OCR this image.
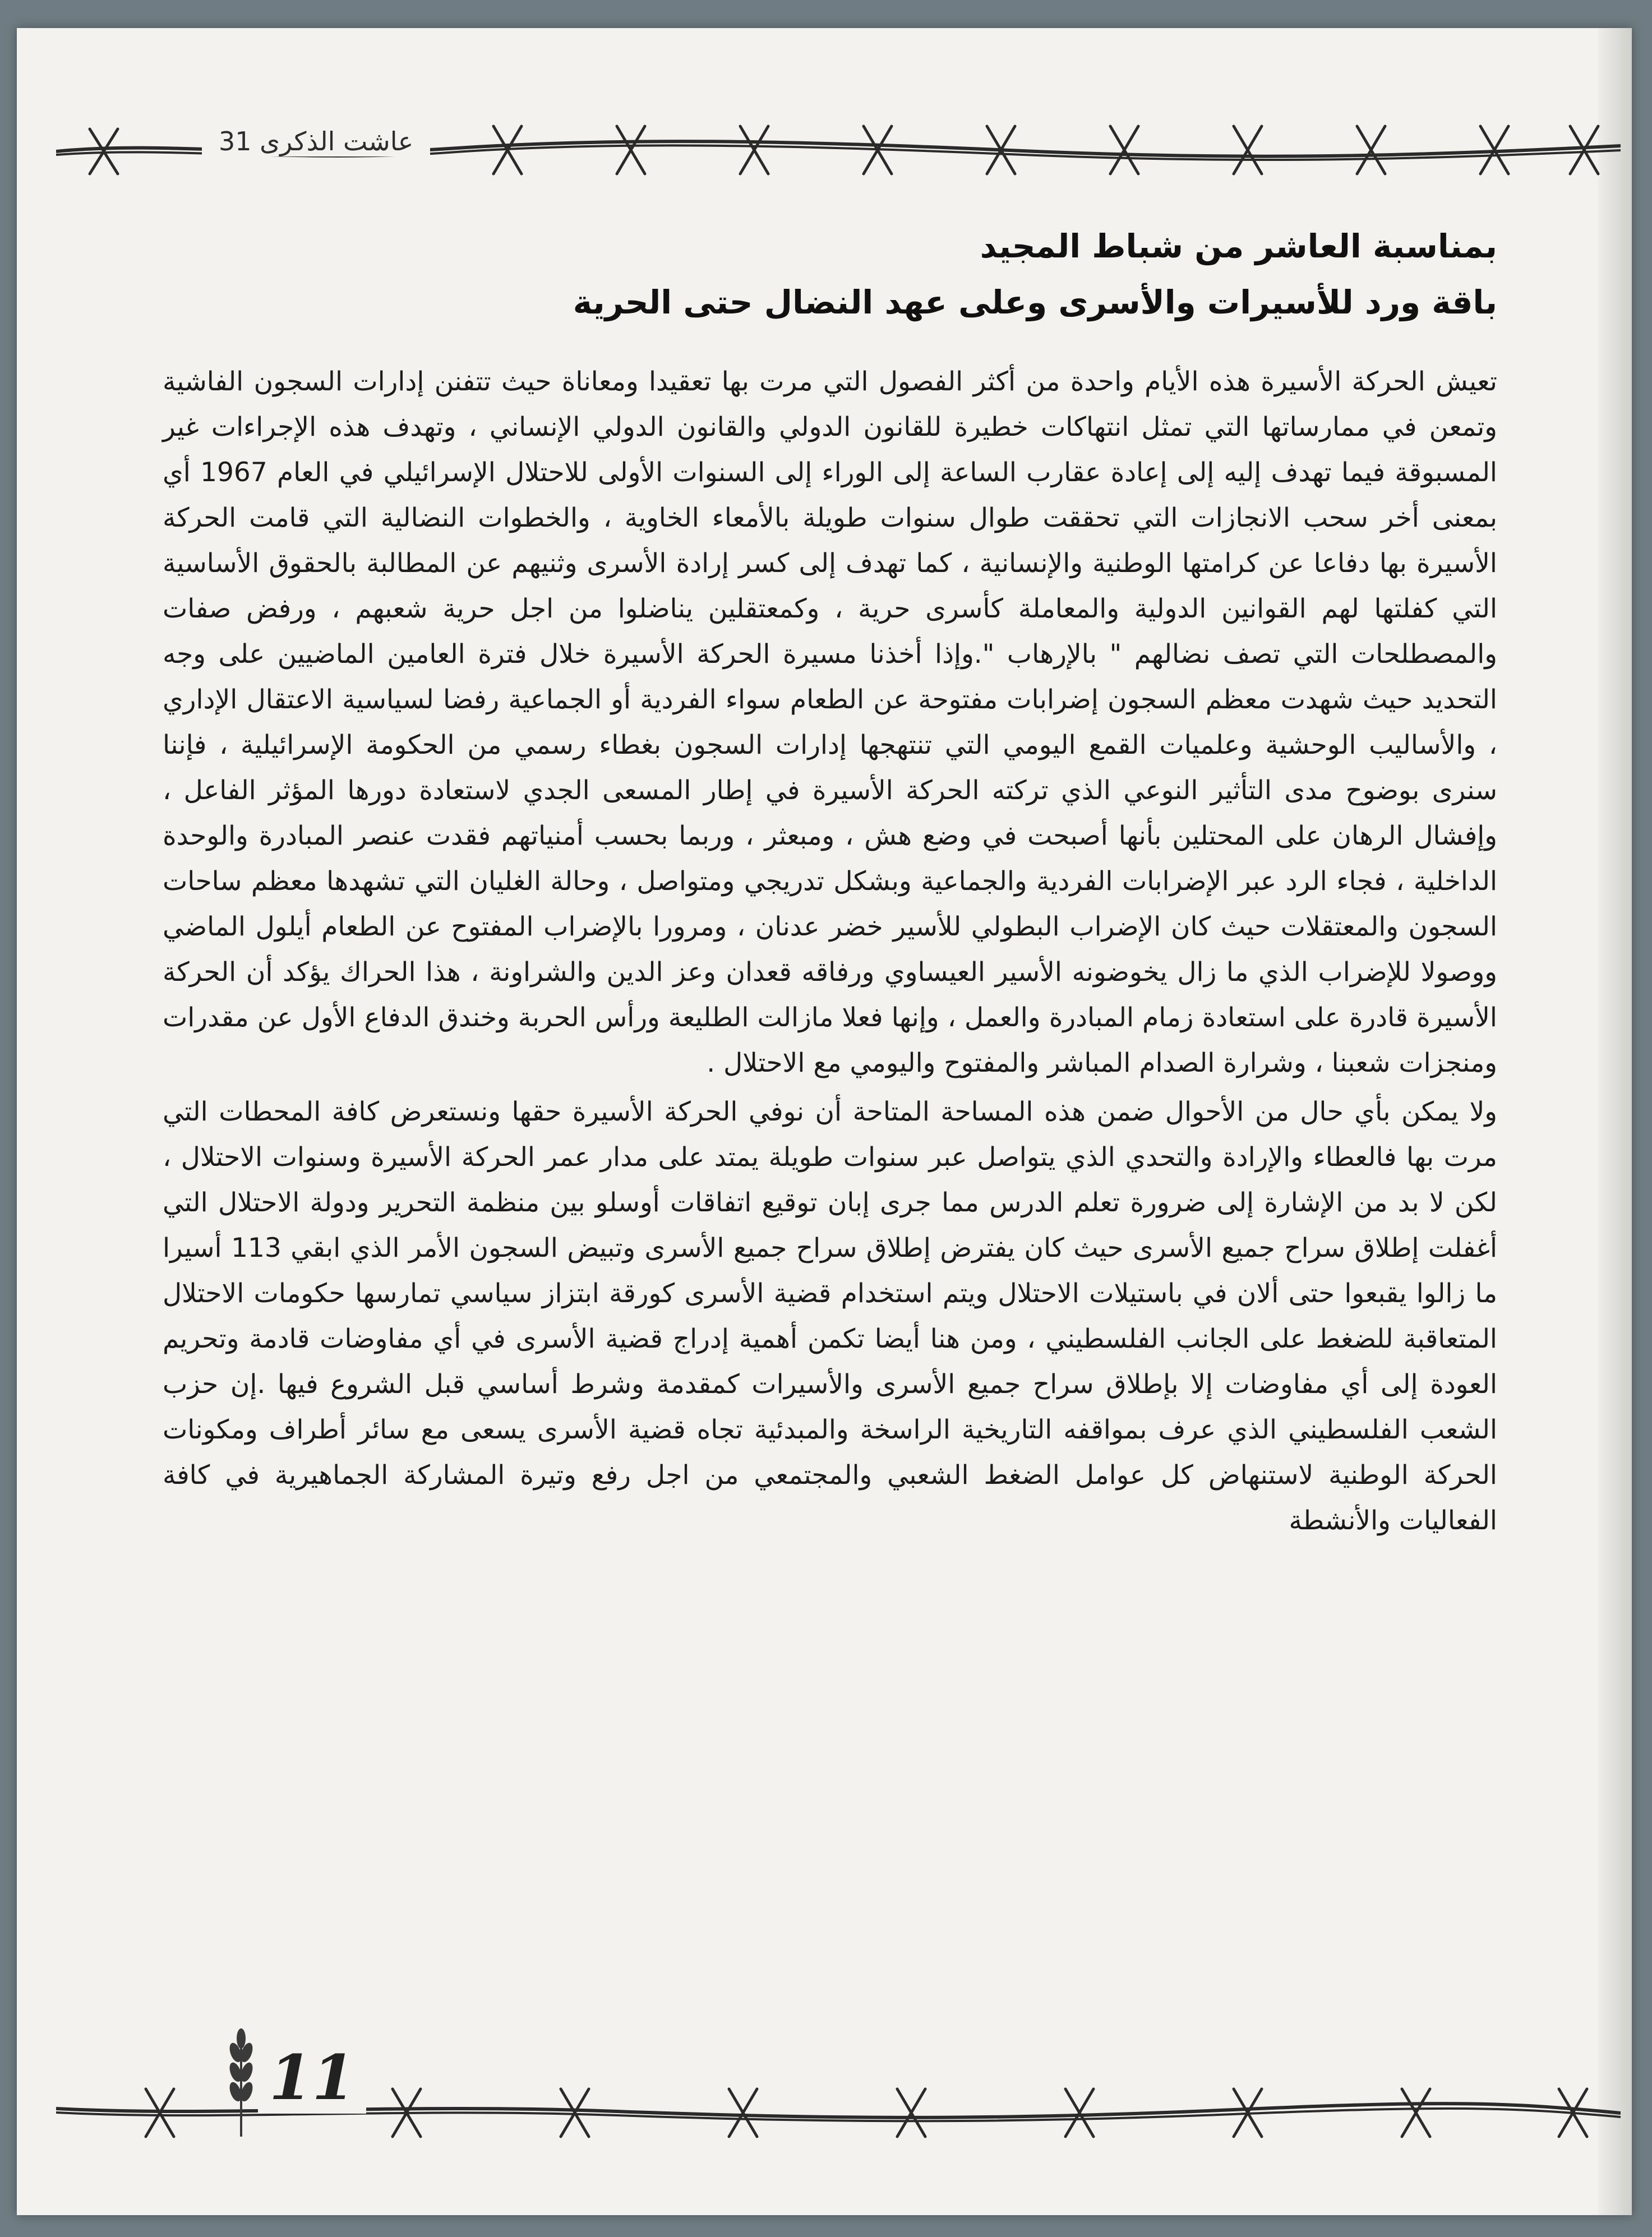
عاشت الذكرى 31
بمناسبة العاشر من شباط المجيد
باقة ورد للأسيرات والأسرى وعلى عهد النضال حتى الحرية

تعيش الحركة الأسيرة هذه الأيام واحدة من أكثر الفصول التي مرت بها تعقيدا ومعاناة حيث تتفنن إدارات السجون الفاشية وتمعن في ممارساتها التي تمثل انتهاكات خطيرة للقانون الدولي والقانون الدولي الإنساني ، وتهدف هذه الإجراءات غير المسبوقة فيما تهدف إليه إلى إعادة عقارب الساعة إلى الوراء إلى السنوات الأولى للاحتلال الإسرائيلي في العام 1967 أي بمعنى أخر سحب الانجازات التي تحققت طوال سنوات طويلة بالأمعاء الخاوية ، والخطوات النضالية التي قامت الحركة الأسيرة بها دفاعا عن كرامتها الوطنية والإنسانية ، كما تهدف إلى كسر إرادة الأسرى وثنيهم عن المطالبة بالحقوق الأساسية التي كفلتها لهم القوانين الدولية والمعاملة كأسرى حرية ، وكمعتقلين يناضلوا من اجل حرية شعبهم ، ورفض صفات والمصطلحات التي تصف نضالهم " بالإرهاب ".وإذا أخذنا مسيرة الحركة الأسيرة خلال فترة العامين الماضيين على وجه التحديد حيث شهدت معظم السجون إضرابات مفتوحة عن الطعام سواء الفردية أو الجماعية رفضا لسياسية الاعتقال الإداري ، والأساليب الوحشية وعلميات القمع اليومي التي تنتهجها إدارات السجون بغطاء رسمي من الحكومة الإسرائيلية ، فإننا سنرى بوضوح مدى التأثير النوعي الذي تركته الحركة الأسيرة في إطار المسعى الجدي لاستعادة دورها المؤثر الفاعل ، وإفشال الرهان على المحتلين بأنها أصبحت في وضع هش ، ومبعثر ، وربما بحسب أمنياتهم فقدت عنصر المبادرة والوحدة الداخلية ، فجاء الرد عبر الإضرابات الفردية والجماعية وبشكل تدريجي ومتواصل ، وحالة الغليان التي تشهدها معظم ساحات السجون والمعتقلات حيث كان الإضراب البطولي للأسير خضر عدنان ، ومرورا بالإضراب المفتوح عن الطعام أيلول الماضي ووصولا للإضراب الذي ما زال يخوضونه الأسير العيساوي ورفاقه قعدان وعز الدين والشراونة ، هذا الحراك يؤكد أن الحركة الأسيرة قادرة على استعادة زمام المبادرة والعمل ، وإنها فعلا مازالت الطليعة ورأس الحربة وخندق الدفاع الأول عن مقدرات ومنجزات شعبنا ، وشرارة الصدام المباشر والمفتوح واليومي مع الاحتلال .

ولا يمكن بأي حال من الأحوال ضمن هذه المساحة المتاحة أن نوفي الحركة الأسيرة حقها ونستعرض كافة المحطات التي مرت بها فالعطاء والإرادة والتحدي الذي يتواصل عبر سنوات طويلة يمتد على مدار عمر الحركة الأسيرة وسنوات الاحتلال ، لكن لا بد من الإشارة إلى ضرورة تعلم الدرس مما جرى إبان توقيع اتفاقات أوسلو بين منظمة التحرير ودولة الاحتلال التي أغفلت إطلاق سراح جميع الأسرى حيث كان يفترض إطلاق سراح جميع الأسرى وتبيض السجون الأمر الذي ابقي 113 أسيرا ما زالوا يقبعوا حتى ألان في باستيلات الاحتلال ويتم استخدام قضية الأسرى كورقة ابتزاز سياسي تمارسها حكومات الاحتلال المتعاقبة للضغط على الجانب الفلسطيني ، ومن هنا أيضا تكمن أهمية إدراج قضية الأسرى في أي مفاوضات قادمة وتحريم العودة إلى أي مفاوضات إلا بإطلاق سراح جميع الأسرى والأسيرات كمقدمة وشرط أساسي قبل الشروع فيها .إن حزب الشعب الفلسطيني الذي عرف بمواقفه التاريخية الراسخة والمبدئية تجاه قضية الأسرى يسعى مع سائر أطراف ومكونات الحركة الوطنية لاستنهاض كل عوامل الضغط الشعبي والمجتمعي من اجل رفع وتيرة المشاركة الجماهيرية في كافة الفعاليات والأنشطة

11
